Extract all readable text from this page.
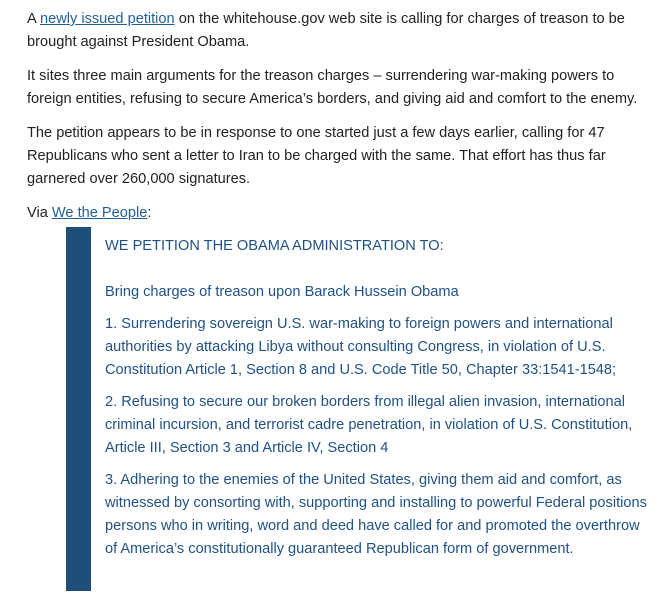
A newly issued petition on the whitehouse.gov web site is calling for charges of treason to be brought against President Obama.

It sites three main arguments for the treason charges – surrendering war-making powers to foreign entities, refusing to secure America’s borders, and giving aid and comfort to the enemy.

The petition appears to be in response to one started just a few days earlier, calling for 47 Republicans who sent a letter to Iran to be charged with the same. That effort has thus far garnered over 260,000 signatures.

Via We the People:

WE PETITION THE OBAMA ADMINISTRATION TO:

Bring charges of treason upon Barack Hussein Obama

1. Surrendering sovereign U.S. war-making to foreign powers and international authorities by attacking Libya without consulting Congress, in violation of U.S. Constitution Article 1, Section 8 and U.S. Code Title 50, Chapter 33:1541-1548;

2. Refusing to secure our broken borders from illegal alien invasion, international criminal incursion, and terrorist cadre penetration, in violation of U.S. Constitution, Article III, Section 3 and Article IV, Section 4

3. Adhering to the enemies of the United States, giving them aid and comfort, as witnessed by consorting with, supporting and installing to powerful Federal positions persons who in writing, word and deed have called for and promoted the overthrow of America’s constitutionally guaranteed Republican form of government.
